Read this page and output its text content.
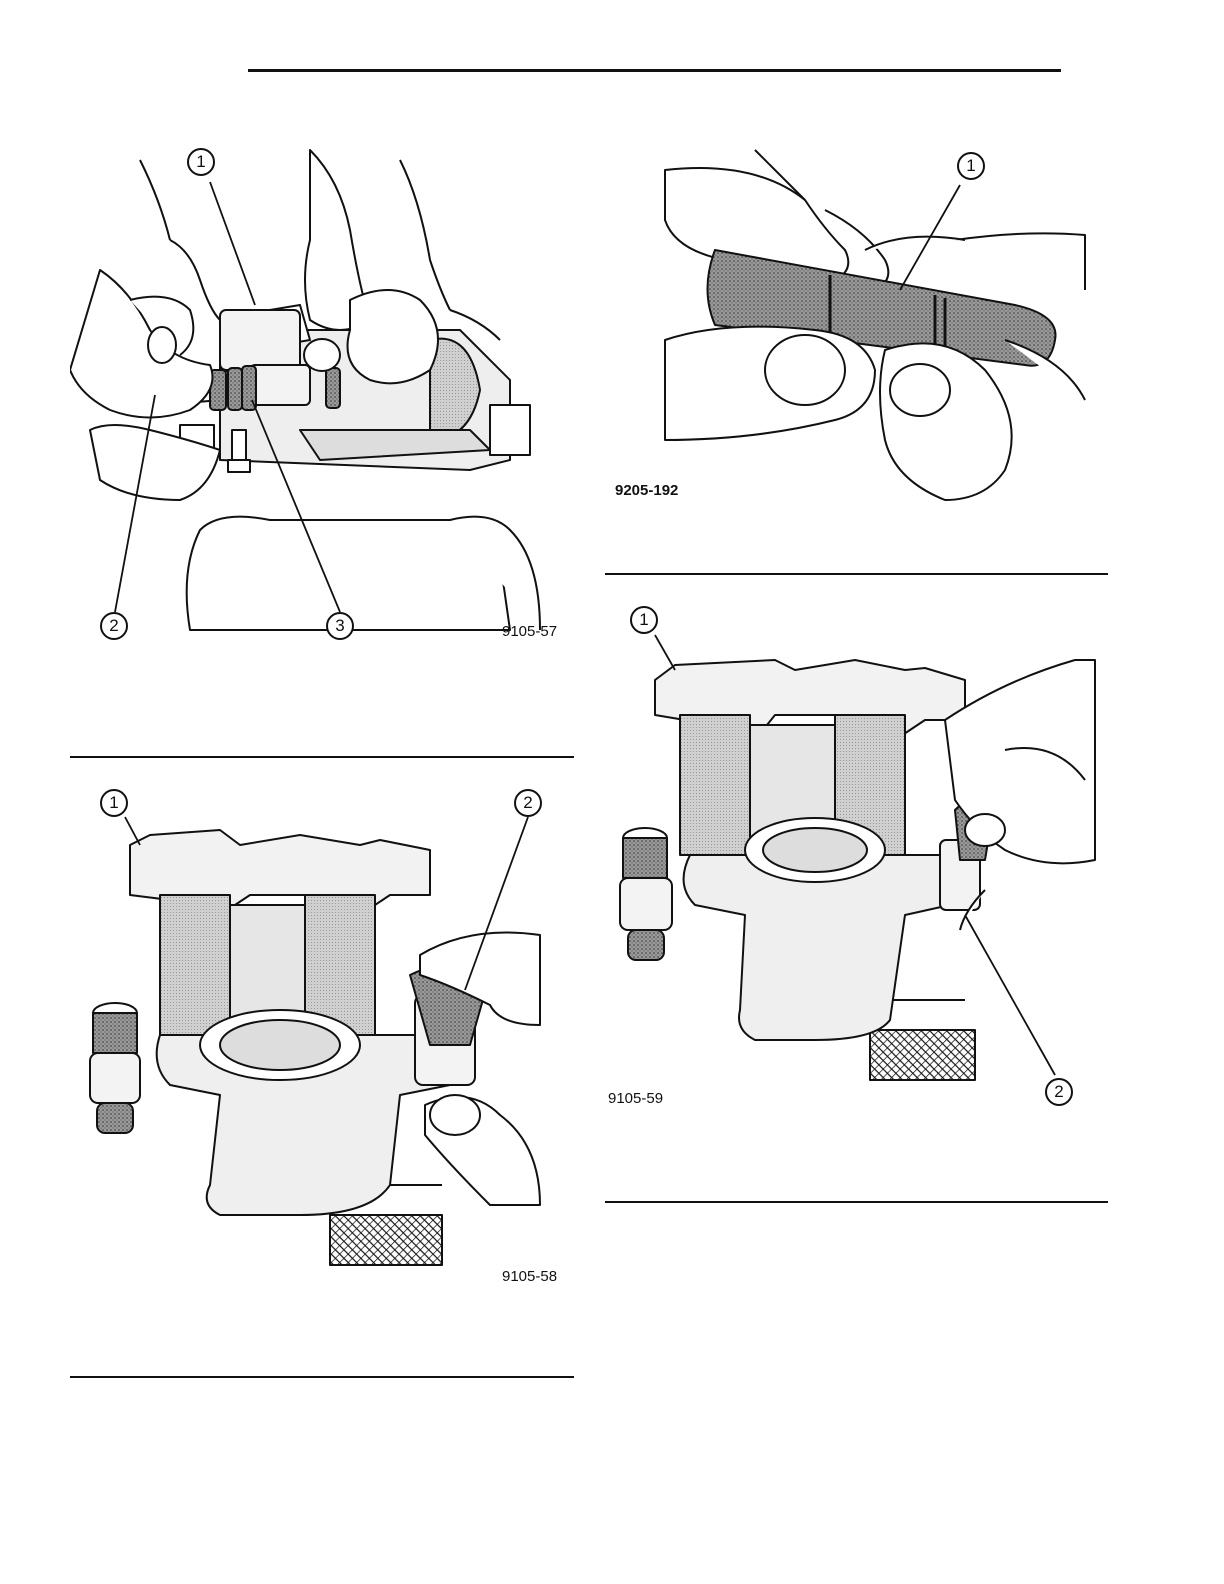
1
2	3	9105-57
1
9205-192
1	2
9105-58
1
2
9105-59
